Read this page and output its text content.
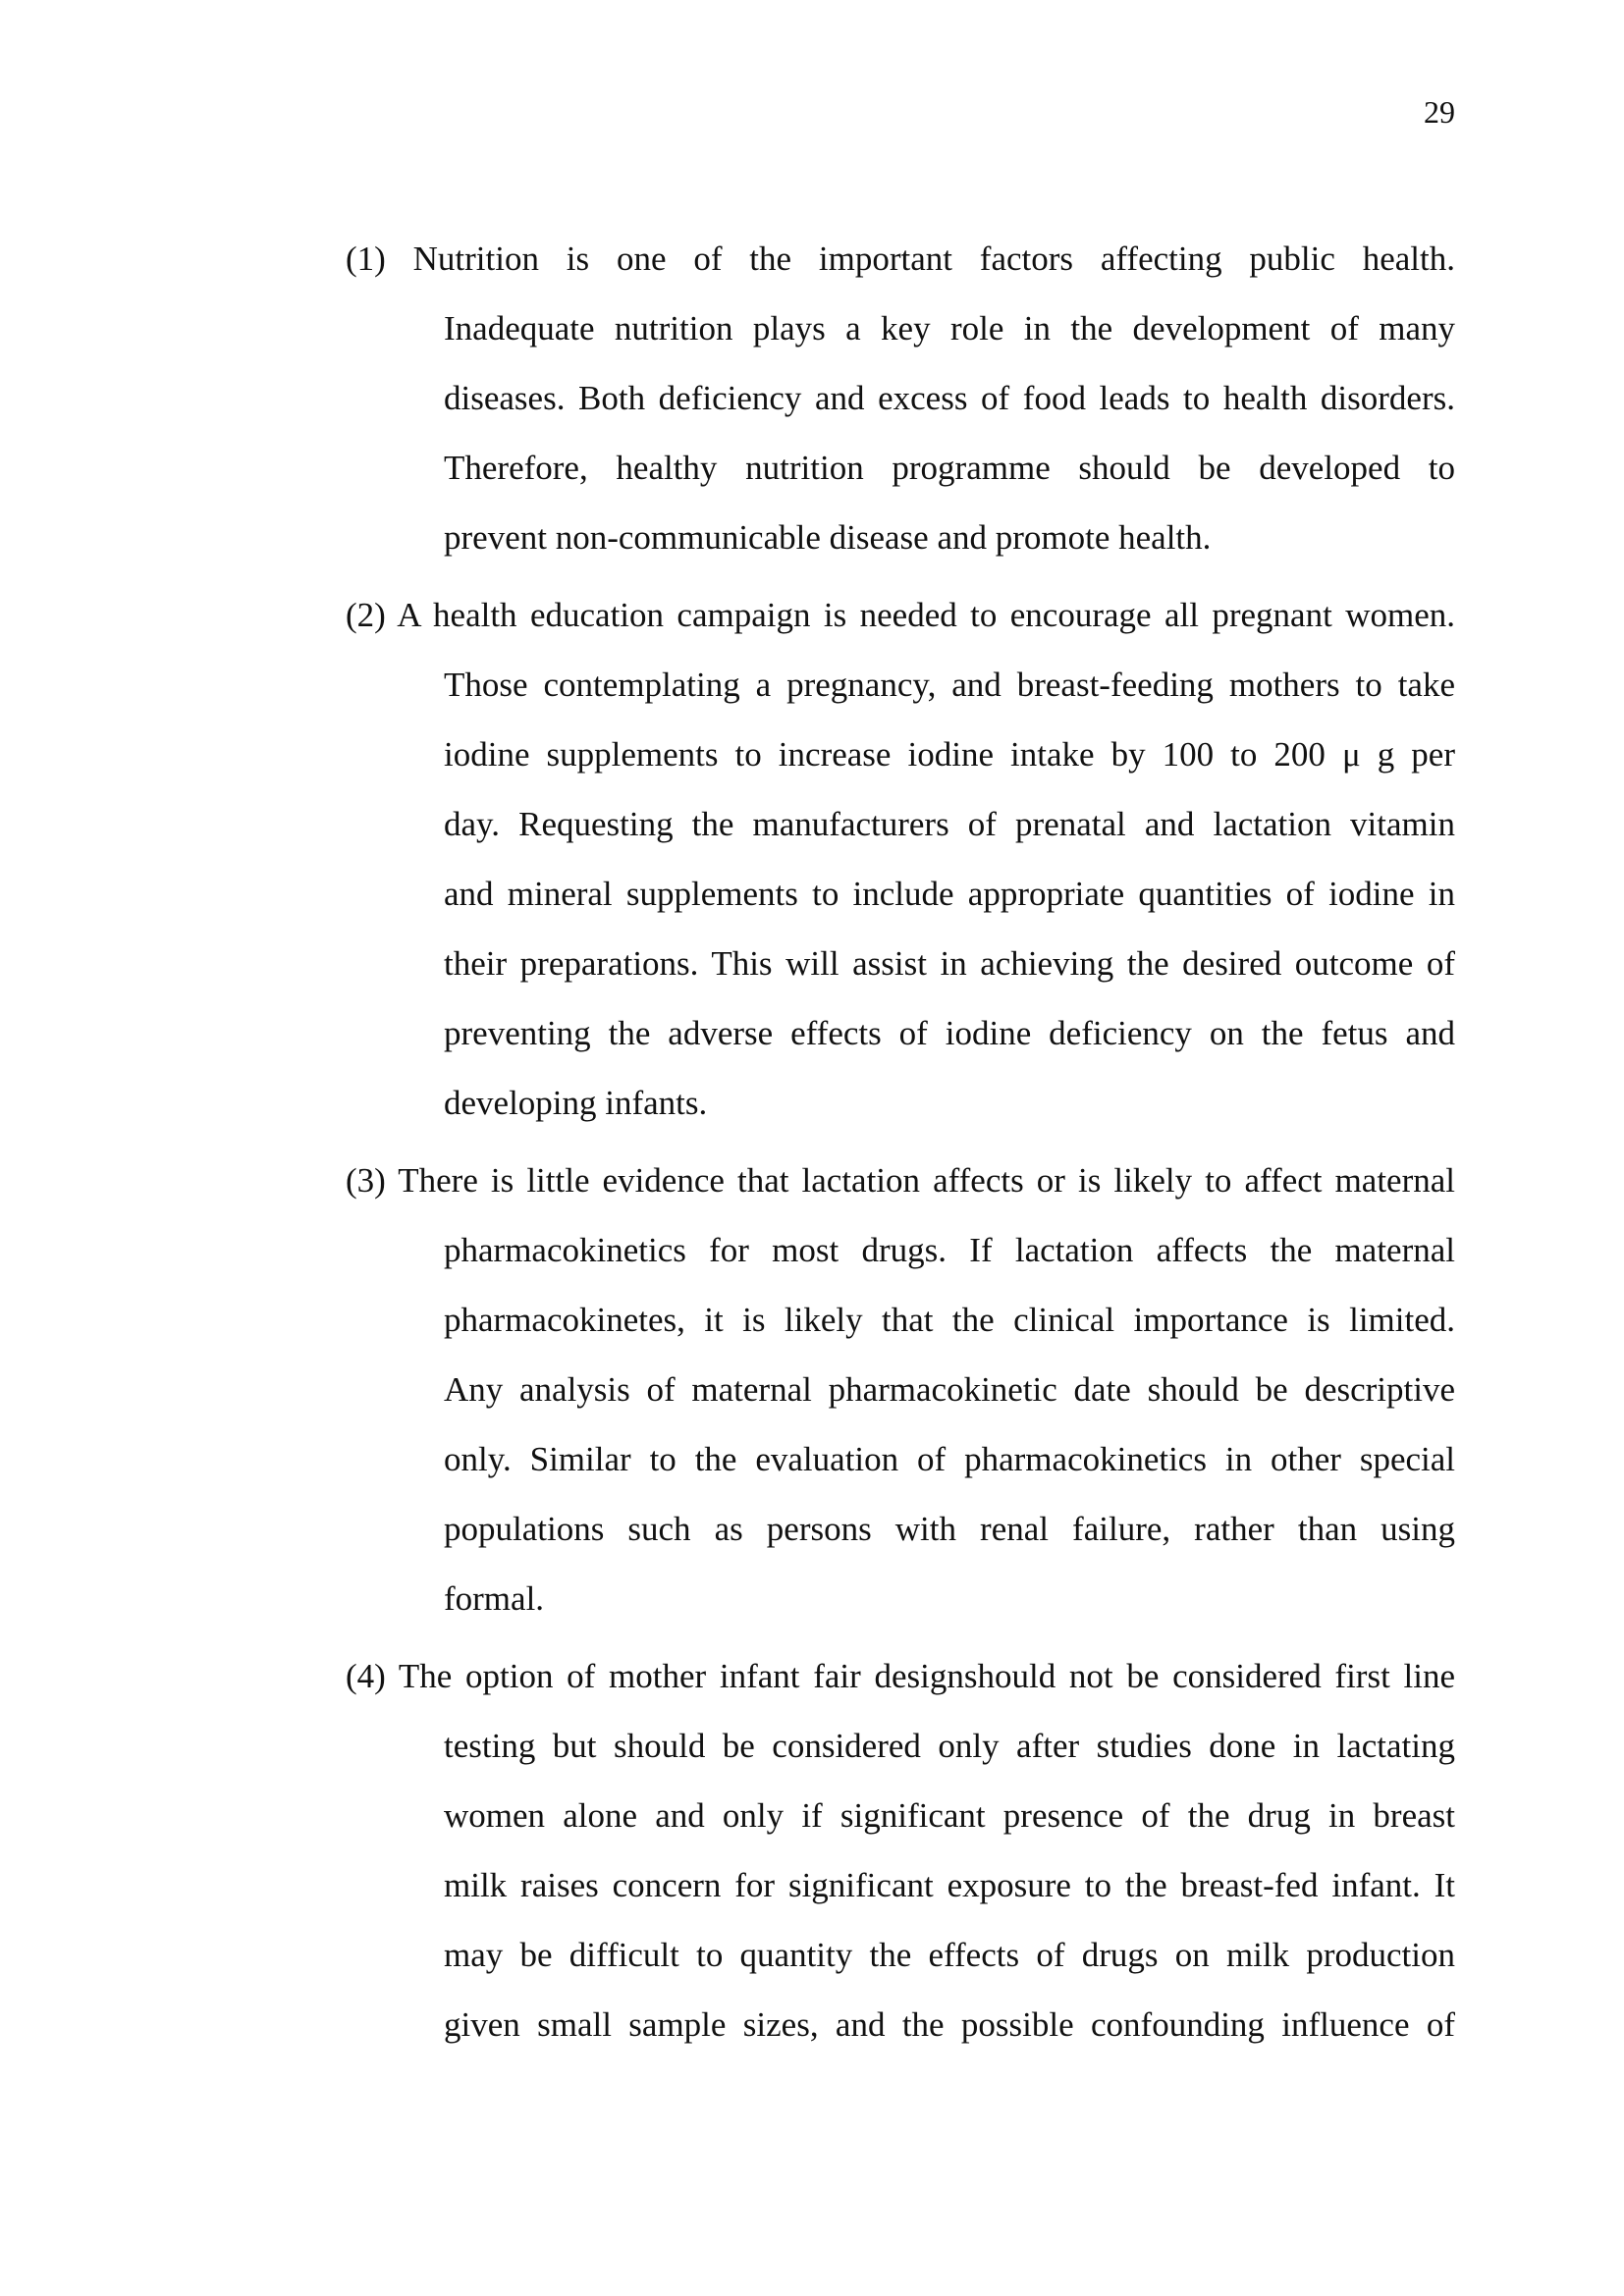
29
(1) Nutrition is one of the important factors affecting public health.
Inadequate nutrition plays a key role in the development of many
diseases. Both deficiency and excess of food leads to health disorders.
Therefore, healthy nutrition programme should be developed to
prevent non-communicable disease and promote health.
(2) A health education campaign is needed to encourage all pregnant women.
Those contemplating a pregnancy, and breast-feeding mothers to take
iodine supplements to increase iodine intake by 100 to 200 μ g per
day. Requesting the manufacturers of prenatal and lactation vitamin
and mineral supplements to include appropriate quantities of iodine in
their preparations. This will assist in achieving the desired outcome of
preventing the adverse effects of iodine deficiency on the fetus and
developing infants.
(3) There is little evidence that lactation affects or is likely to affect maternal
pharmacokinetics for most drugs. If lactation affects the maternal
pharmacokinetes, it is likely that the clinical importance is limited.
Any analysis of maternal pharmacokinetic date should be descriptive
only. Similar to the evaluation of pharmacokinetics in other special
populations such as persons with renal failure, rather than using
formal.
(4) The option of mother infant fair designshould not be considered first line
testing but should be considered only after studies done in lactating
women alone and only if significant presence of the drug in breast
milk raises concern for significant exposure to the breast-fed infant. It
may be difficult to quantity the effects of drugs on milk production
given small sample sizes, and the possible confounding influence of
